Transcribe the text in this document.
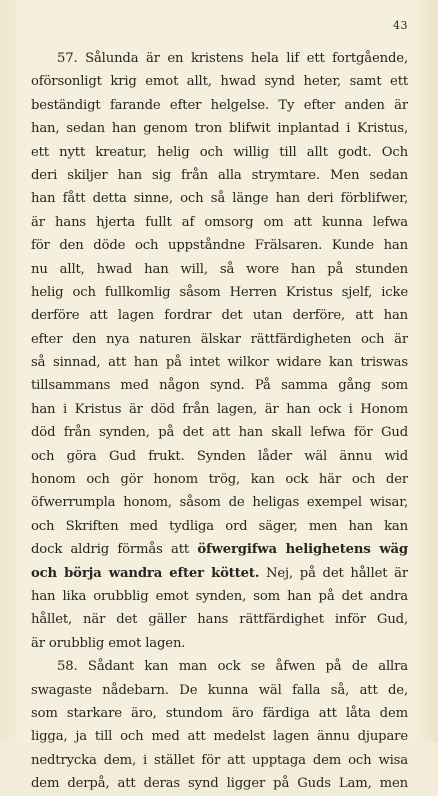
43
57. Sålunda är en kristens hela lif ett fortgående,
oförsonligt krig emot allt, hwad synd heter, samt ett
beständigt farande efter helgelse. Ty efter anden är
han, sedan han genom tron blifwit inplantad i Kristus,
ett nytt kreatur, helig och willig till allt godt. Och
deri skiljer han sig från alla strymtare. Men sedan
han fått detta sinne, och så länge han deri förblifwer,
är hans hjerta fullt af omsorg om att kunna lefwa
för den döde och uppståndne Frälsaren. Kunde han
nu allt, hwad han will, så wore han på stunden
helig och fullkomlig såsom Herren Kristus sjelf, icke
derföre att lagen fordrar det utan derföre, att han
efter den nya naturen älskar rättfärdigheten och är
så sinnad, att han på intet wilkor widare kan triswas
tillsammans med någon synd. På samma gång som
han i Kristus är död från lagen, är han ock i Honom
död från synden, på det att han skall lefwa för Gud
och göra Gud frukt. Synden låder wäl ännu wid
honom och gör honom trög, kan ock här och der
öfwerrumpla honom, såsom de heligas exempel wisar,
och Skriften med tydliga ord säger, men han kan
dock aldrig förmås att öfwergifwa helighetens wäg
och börja wandra efter köttet. Nej, på det hållet är
han lika orubblig emot synden, som han på det andra
hållet, när det gäller hans rättfärdighet inför Gud,
är orubblig emot lagen.
58. Sådant kan man ock se åfwen på de allra
swagaste nådebarn. De kunna wäl falla så, att de,
som starkare äro, stundom äro färdiga att låta dem
ligga, ja till och med att medelst lagen ännu djupare
nedtrycka dem, i stället för att upptaga dem och wisa
dem derpå, att deras synd ligger på Guds Lam, men
